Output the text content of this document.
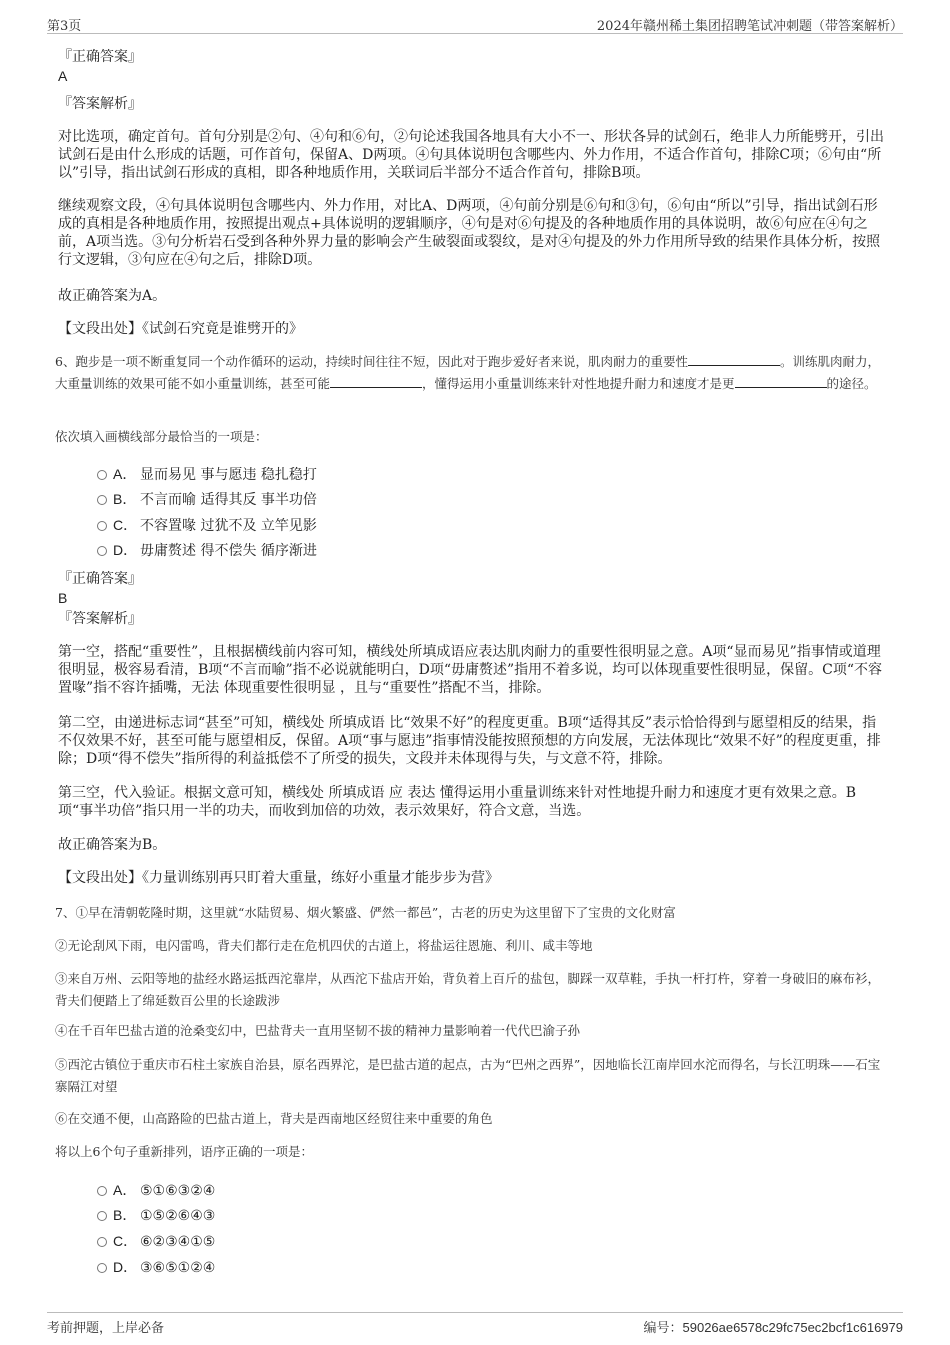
第3页	2024年赣州稀土集团招聘笔试冲刺题（带答案解析）
『正确答案』
A
『答案解析』
对比选项，确定首句。首句分别是②句、④句和⑥句，②句论述我国各地具有大小不一、形状各异的试剑石，绝非人力所能劈开，引出试剑石是由什么形成的话题，可作首句，保留A、D两项。④句具体说明包含哪些内、外力作用，不适合作首句，排除C项；⑥句由“所以”引导，指出试剑石形成的真相，即各种地质作用，关联词后半部分不适合作首句，排除B项。
继续观察文段，④句具体说明包含哪些内、外力作用，对比A、D两项，④句前分别是⑥句和③句，⑥句由“所以”引导，指出试剑石形成的真相是各种地质作用，按照提出观点+具体说明的逻辑顺序，④句是对⑥句提及的各种地质作用的具体说明，故⑥句应在④句之前，A项当选。③句分析岩石受到各种外界力量的影响会产生破裂面或裂纹，是对④句提及的外力作用所导致的结果作具体分析，按照行文逻辑，③句应在④句之后，排除D项。
故正确答案为A。
【文段出处】《试剑石究竟是谁劈开的》
6、跑步是一项不断重复同一个动作循环的运动，持续时间往往不短，因此对于跑步爱好者来说，肌肉耐力的重要性	。训练肌肉耐力，大重量训练的效果可能不如小重量训练，甚至可能	，懂得运用小重量训练来针对性地提升耐力和速度才是更	的途径。
依次填入画横线部分最恰当的一项是：
A． 显而易见 事与愿违 稳扎稳打
B． 不言而喻 适得其反 事半功倍
C． 不容置喙 过犹不及 立竿见影
D． 毋庸赘述 得不偿失 循序渐进
『正确答案』
B
『答案解析』
第一空，搭配“重要性”，且根据横线前内容可知，横线处所填成语应表达肌肉耐力的重要性很明显之意。A项“显而易见”指事情或道理很明显，极容易看清，B项“不言而喻”指不必说就能明白，D项“毋庸赘述”指用不着多说，均可以体现重要性很明显，保留。C项“不容置喙”指不容许插嘴，无法 体现重要性很明显 ，且与“重要性”搭配不当，排除。
第二空，由递进标志词“甚至”可知，横线处 所填成语 比“效果不好”的程度更重。B项“适得其反”表示恰恰得到与愿望相反的结果，指不仅效果不好，甚至可能与愿望相反，保留。A项“事与愿违”指事情没能按照预想的方向发展，无法体现比“效果不好”的程度更重，排除；D项“得不偿失”指所得的利益抵偿不了所受的损失，文段并未体现得与失，与文意不符，排除。
第三空，代入验证。根据文意可知，横线处 所填成语 应 表达 懂得运用小重量训练来针对性地提升耐力和速度才更有效果之意。B项“事半功倍”指只用一半的功夫，而收到加倍的功效，表示效果好，符合文意，当选。
故正确答案为B。
【文段出处】《力量训练别再只盯着大重量，练好小重量才能步步为营》
7、①早在清朝乾隆时期，这里就“水陆贸易、烟火繁盛、俨然一都邑”，古老的历史为这里留下了宝贵的文化财富
②无论刮风下雨，电闪雷鸣，背夫们都行走在危机四伏的古道上，将盐运往恩施、利川、咸丰等地
③来自万州、云阳等地的盐经水路运抵西沱靠岸，从西沱下盐店开始，背负着上百斤的盐包，脚踩一双草鞋，手执一杆打杵，穿着一身破旧的麻布衫，背夫们便踏上了绵延数百公里的长途跋涉
④在千百年巴盐古道的沧桑变幻中，巴盐背夫一直用坚韧不拔的精神力量影响着一代代巴渝子孙
⑤西沱古镇位于重庆市石柱土家族自治县，原名西界沱，是巴盐古道的起点，古为“巴州之西界”，因地临长江南岸回水沱而得名，与长江明珠——石宝寨隔江对望
⑥在交通不便，山高路险的巴盐古道上，背夫是西南地区经贸往来中重要的角色
将以上6个句子重新排列，语序正确的一项是：
A． ⑤①⑥③②④
B． ①⑤②⑥④③
C． ⑥②③④①⑤
D． ③⑥⑤①②④
考前押题，上岸必备	编号：59026ae6578c29fc75ec2bcf1c616979
